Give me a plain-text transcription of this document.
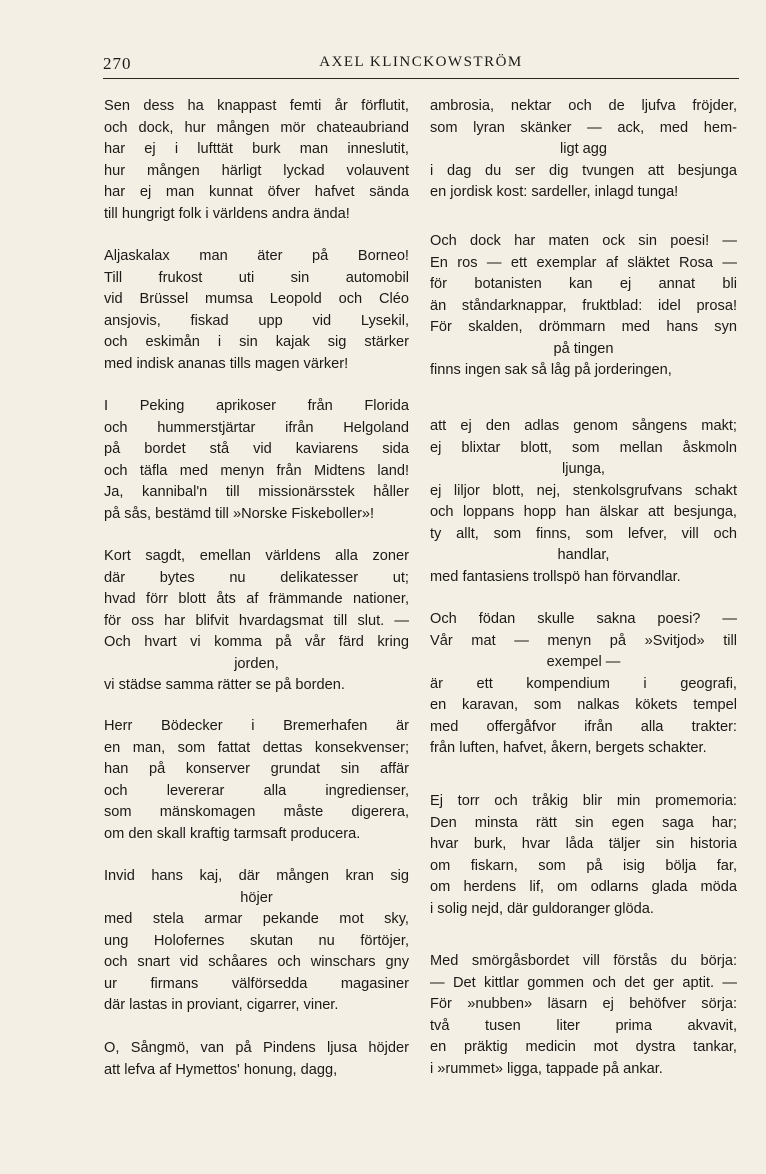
270	AXEL KLINCKOWSTRÖM
Sen dess ha knappast femti år förflutit,
och dock, hur mången mör chateaubriand
har ej i lufttät burk man inneslutit,
hur mången härligt lyckad volauvent
har ej man kunnat öfver hafvet sända
till hungrigt folk i världens andra ända!
Aljaskalax man äter på Borneo!
Till frukost uti sin automobil
vid Brüssel mumsa Leopold och Cléo
ansjovis, fiskad upp vid Lysekil,
och eskimån i sin kajak sig stärker
med indisk ananas tills magen värker!
I Peking aprikoser från Florida
och hummerstjärtar ifrån Helgoland
på bordet stå vid kaviarens sida
och täfla med menyn från Midtens land!
Ja, kannibal'n till missionärsstek håller
på sås, bestämd till »Norske Fiskeboller»!
Kort sagdt, emellan världens alla zoner
där bytes nu delikatesser ut;
hvad förr blott åts af främmande nationer,
för oss har blifvit hvardagsmat till slut. —
Och hvart vi komma på vår färd kring
jorden,
vi städse samma rätter se på borden.
Herr Bödecker i Bremerhafen är
en man, som fattat dettas konsekvenser;
han på konserver grundat sin affär
och levererar alla ingredienser,
som mänskomagen måste digerera,
om den skall kraftig tarmsaft producera.
Invid hans kaj, där mången kran sig
höjer
med stela armar pekande mot sky,
ung Holofernes skutan nu förtöjer,
och snart vid schåares och winschars gny
ur firmans välförsedda magasiner
där lastas in proviant, cigarrer, viner.
O, Sångmö, van på Pindens ljusa höjder
att lefva af Hymettos' honung, dagg,
ambrosia, nektar och de ljufva fröjder,
som lyran skänker — ack, med hem-
ligt agg
i dag du ser dig tvungen att besjunga
en jordisk kost: sardeller, inlagd tunga!
Och dock har maten ock sin poesi! —
En ros — ett exemplar af släktet Rosa —
för botanisten kan ej annat bli
än ståndarknappar, fruktblad: idel prosa!
För skalden, drömmarn med hans syn
på tingen
finns ingen sak så låg på jorderingen,
att ej den adlas genom sångens makt;
ej blixtar blott, som mellan åskmoln
ljunga,
ej liljor blott, nej, stenkolsgrufvans schakt
och loppans hopp han älskar att besjunga,
ty allt, som finns, som lefver, vill och
handlar,
med fantasiens trollspö han förvandlar.
Och födan skulle sakna poesi? —
Vår mat — menyn på »Svitjod» till
exempel —
är ett kompendium i geografi,
en karavan, som nalkas kökets tempel
med offergåfvor ifrån alla trakter:
från luften, hafvet, åkern, bergets schakter.
Ej torr och tråkig blir min promemoria:
Den minsta rätt sin egen saga har;
hvar burk, hvar låda täljer sin historia
om fiskarn, som på isig bölja far,
om herdens lif, om odlarns glada möda
i solig nejd, där guldoranger glöda.
Med smörgåsbordet vill förstås du börja:
— Det kittlar gommen och det ger aptit. —
För »nubben» läsarn ej behöfver sörja:
två tusen liter prima akvavit,
en präktig medicin mot dystra tankar,
i »rummet» ligga, tappade på ankar.
